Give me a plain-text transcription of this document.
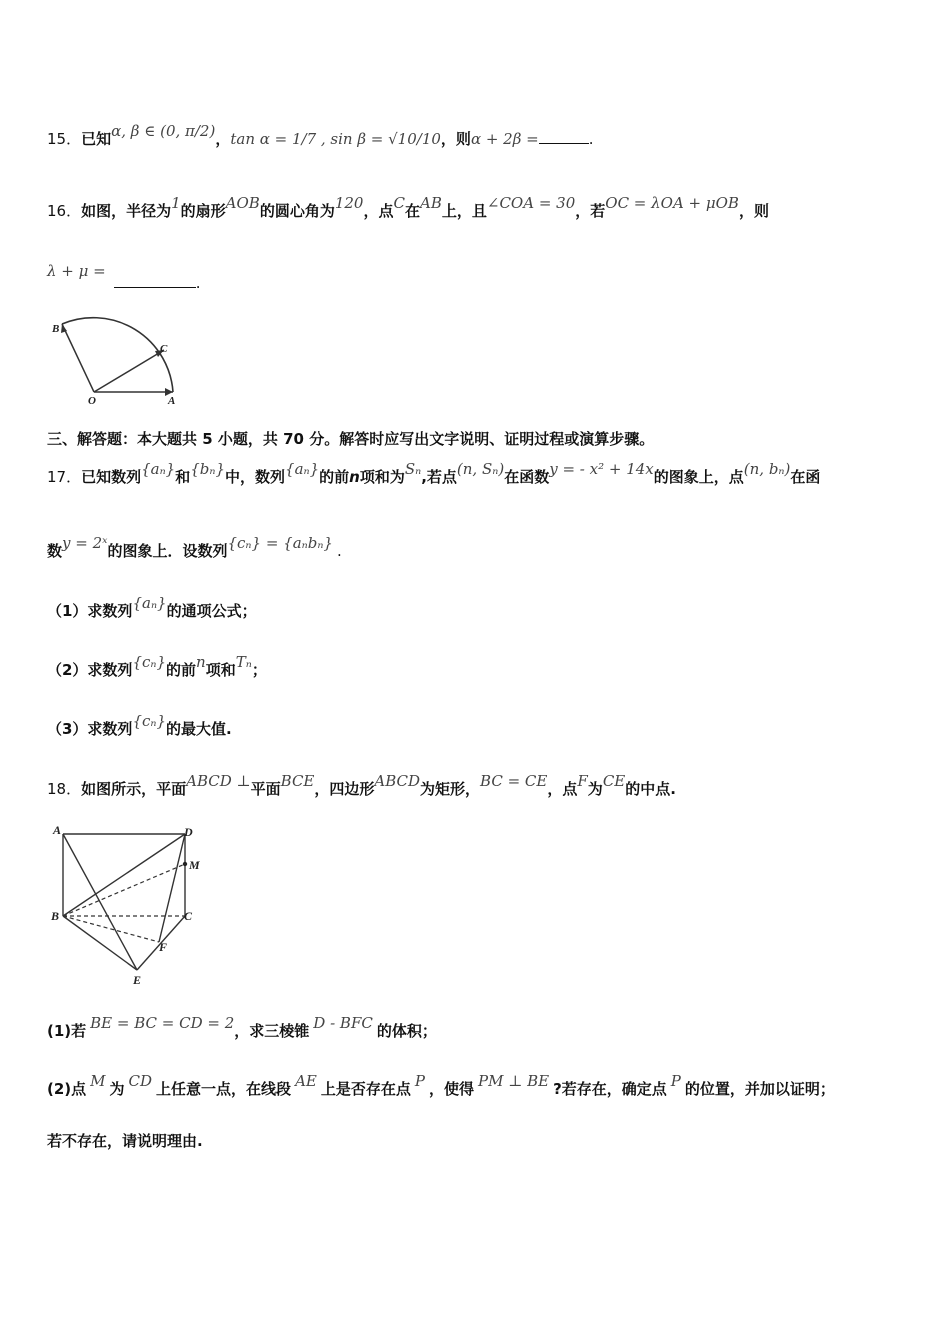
15．已知α, β ∈ (0, π/2)，tan α = 1/7 , sin β = √10/10，则α + 2β =	.
16．如图，半径为1的扇形AOB的圆心角为120，点C在AB上，且∠COA = 30，若OC = λOA + μOB，则
λ + μ =.
B
C
O	A
三、解答题：本大题共 5 小题，共 70 分。解答时应写出文字说明、证明过程或演算步骤。
17．已知数列{aₙ}和{bₙ}中，数列{aₙ}的前n项和为Sₙ,若点(n, Sₙ)在函数y = - x² + 14x的图象上，点(n, bₙ)在函
数y = 2ˣ的图象上．设数列{cₙ} = {aₙbₙ} .
（1）求数列{aₙ}的通项公式；
（2）求数列{cₙ}的前n项和Tₙ；
（3）求数列{cₙ}的最大值.
18．如图所示，平面ABCD ⊥平面BCE，四边形ABCD为矩形，BC = CE，点F为CE的中点.
A	D
M
B	C
F
E
(1)若 BE = BC = CD = 2，求三棱锥 D - BFC 的体积；
(2)点 M 为 CD 上任意一点，在线段 AE 上是否存在点 P ，使得 PM ⊥ BE ?若存在，确定点 P 的位置，并加以证明；
若不存在，请说明理由.
